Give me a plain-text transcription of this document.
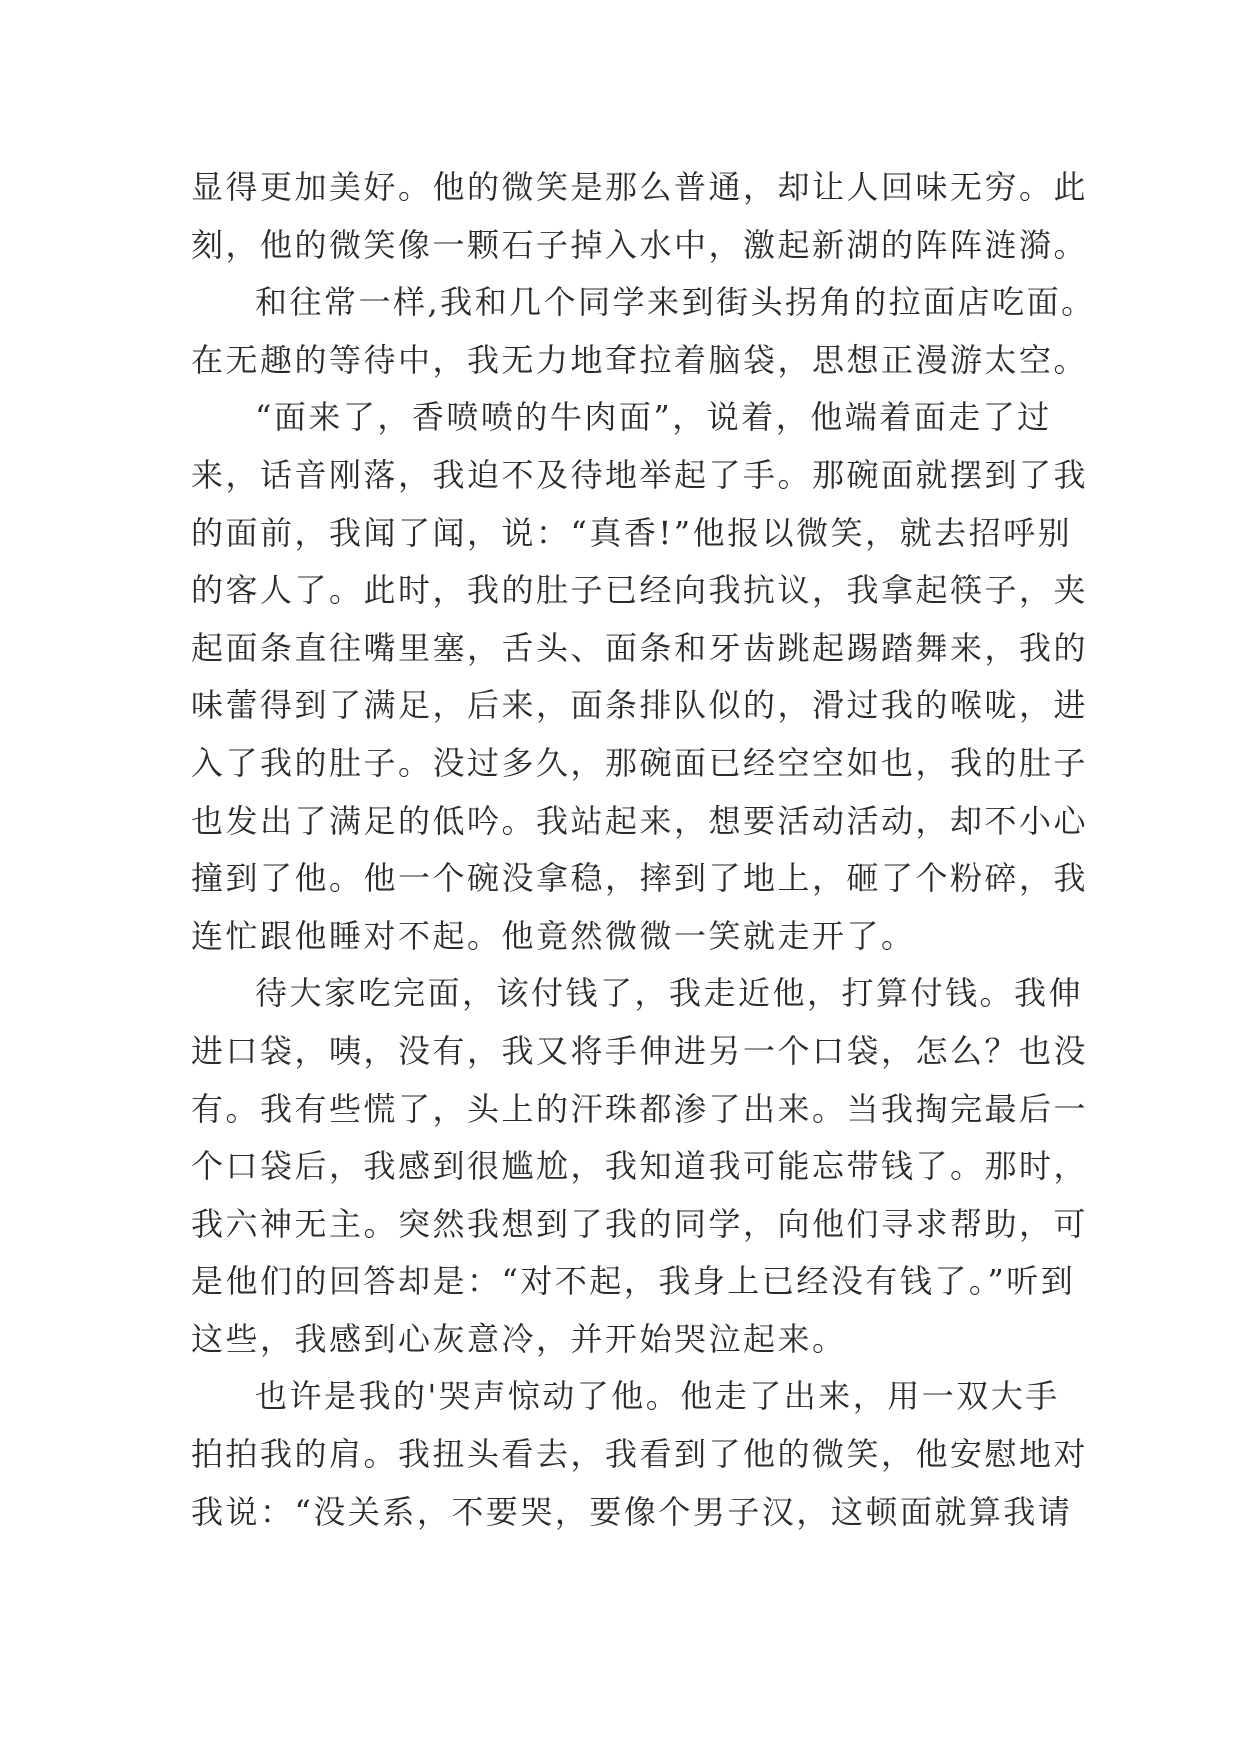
显得更加美好。他的微笑是那么普通，却让人回味无穷。此
刻，他的微笑像一颗石子掉入水中，激起新湖的阵阵涟漪。
和往常一样,我和几个同学来到街头拐角的拉面店吃面。
在无趣的等待中，我无力地耷拉着脑袋，思想正漫游太空。
“面来了，香喷喷的牛肉面”，说着，他端着面走了过
来，话音刚落，我迫不及待地举起了手。那碗面就摆到了我
的面前，我闻了闻，说：“真香!”他报以微笑，就去招呼别
的客人了。此时，我的肚子已经向我抗议，我拿起筷子，夹
起面条直往嘴里塞，舌头、面条和牙齿跳起踢踏舞来，我的
味蕾得到了满足，后来，面条排队似的，滑过我的喉咙，进
入了我的肚子。没过多久，那碗面已经空空如也，我的肚子
也发出了满足的低吟。我站起来，想要活动活动，却不小心
撞到了他。他一个碗没拿稳，摔到了地上，砸了个粉碎，我
连忙跟他睡对不起。他竟然微微一笑就走开了。
待大家吃完面，该付钱了，我走近他，打算付钱。我伸
进口袋，咦，没有，我又将手伸进另一个口袋，怎么？也没
有。我有些慌了，头上的汗珠都渗了出来。当我掏完最后一
个口袋后，我感到很尴尬，我知道我可能忘带钱了。那时，
我六神无主。突然我想到了我的同学，向他们寻求帮助，可
是他们的回答却是：“对不起，我身上已经没有钱了。”听到
这些，我感到心灰意冷，并开始哭泣起来。
也许是我的'哭声惊动了他。他走了出来，用一双大手
拍拍我的肩。我扭头看去，我看到了他的微笑，他安慰地对
我说：“没关系，不要哭，要像个男子汉，这顿面就算我请
